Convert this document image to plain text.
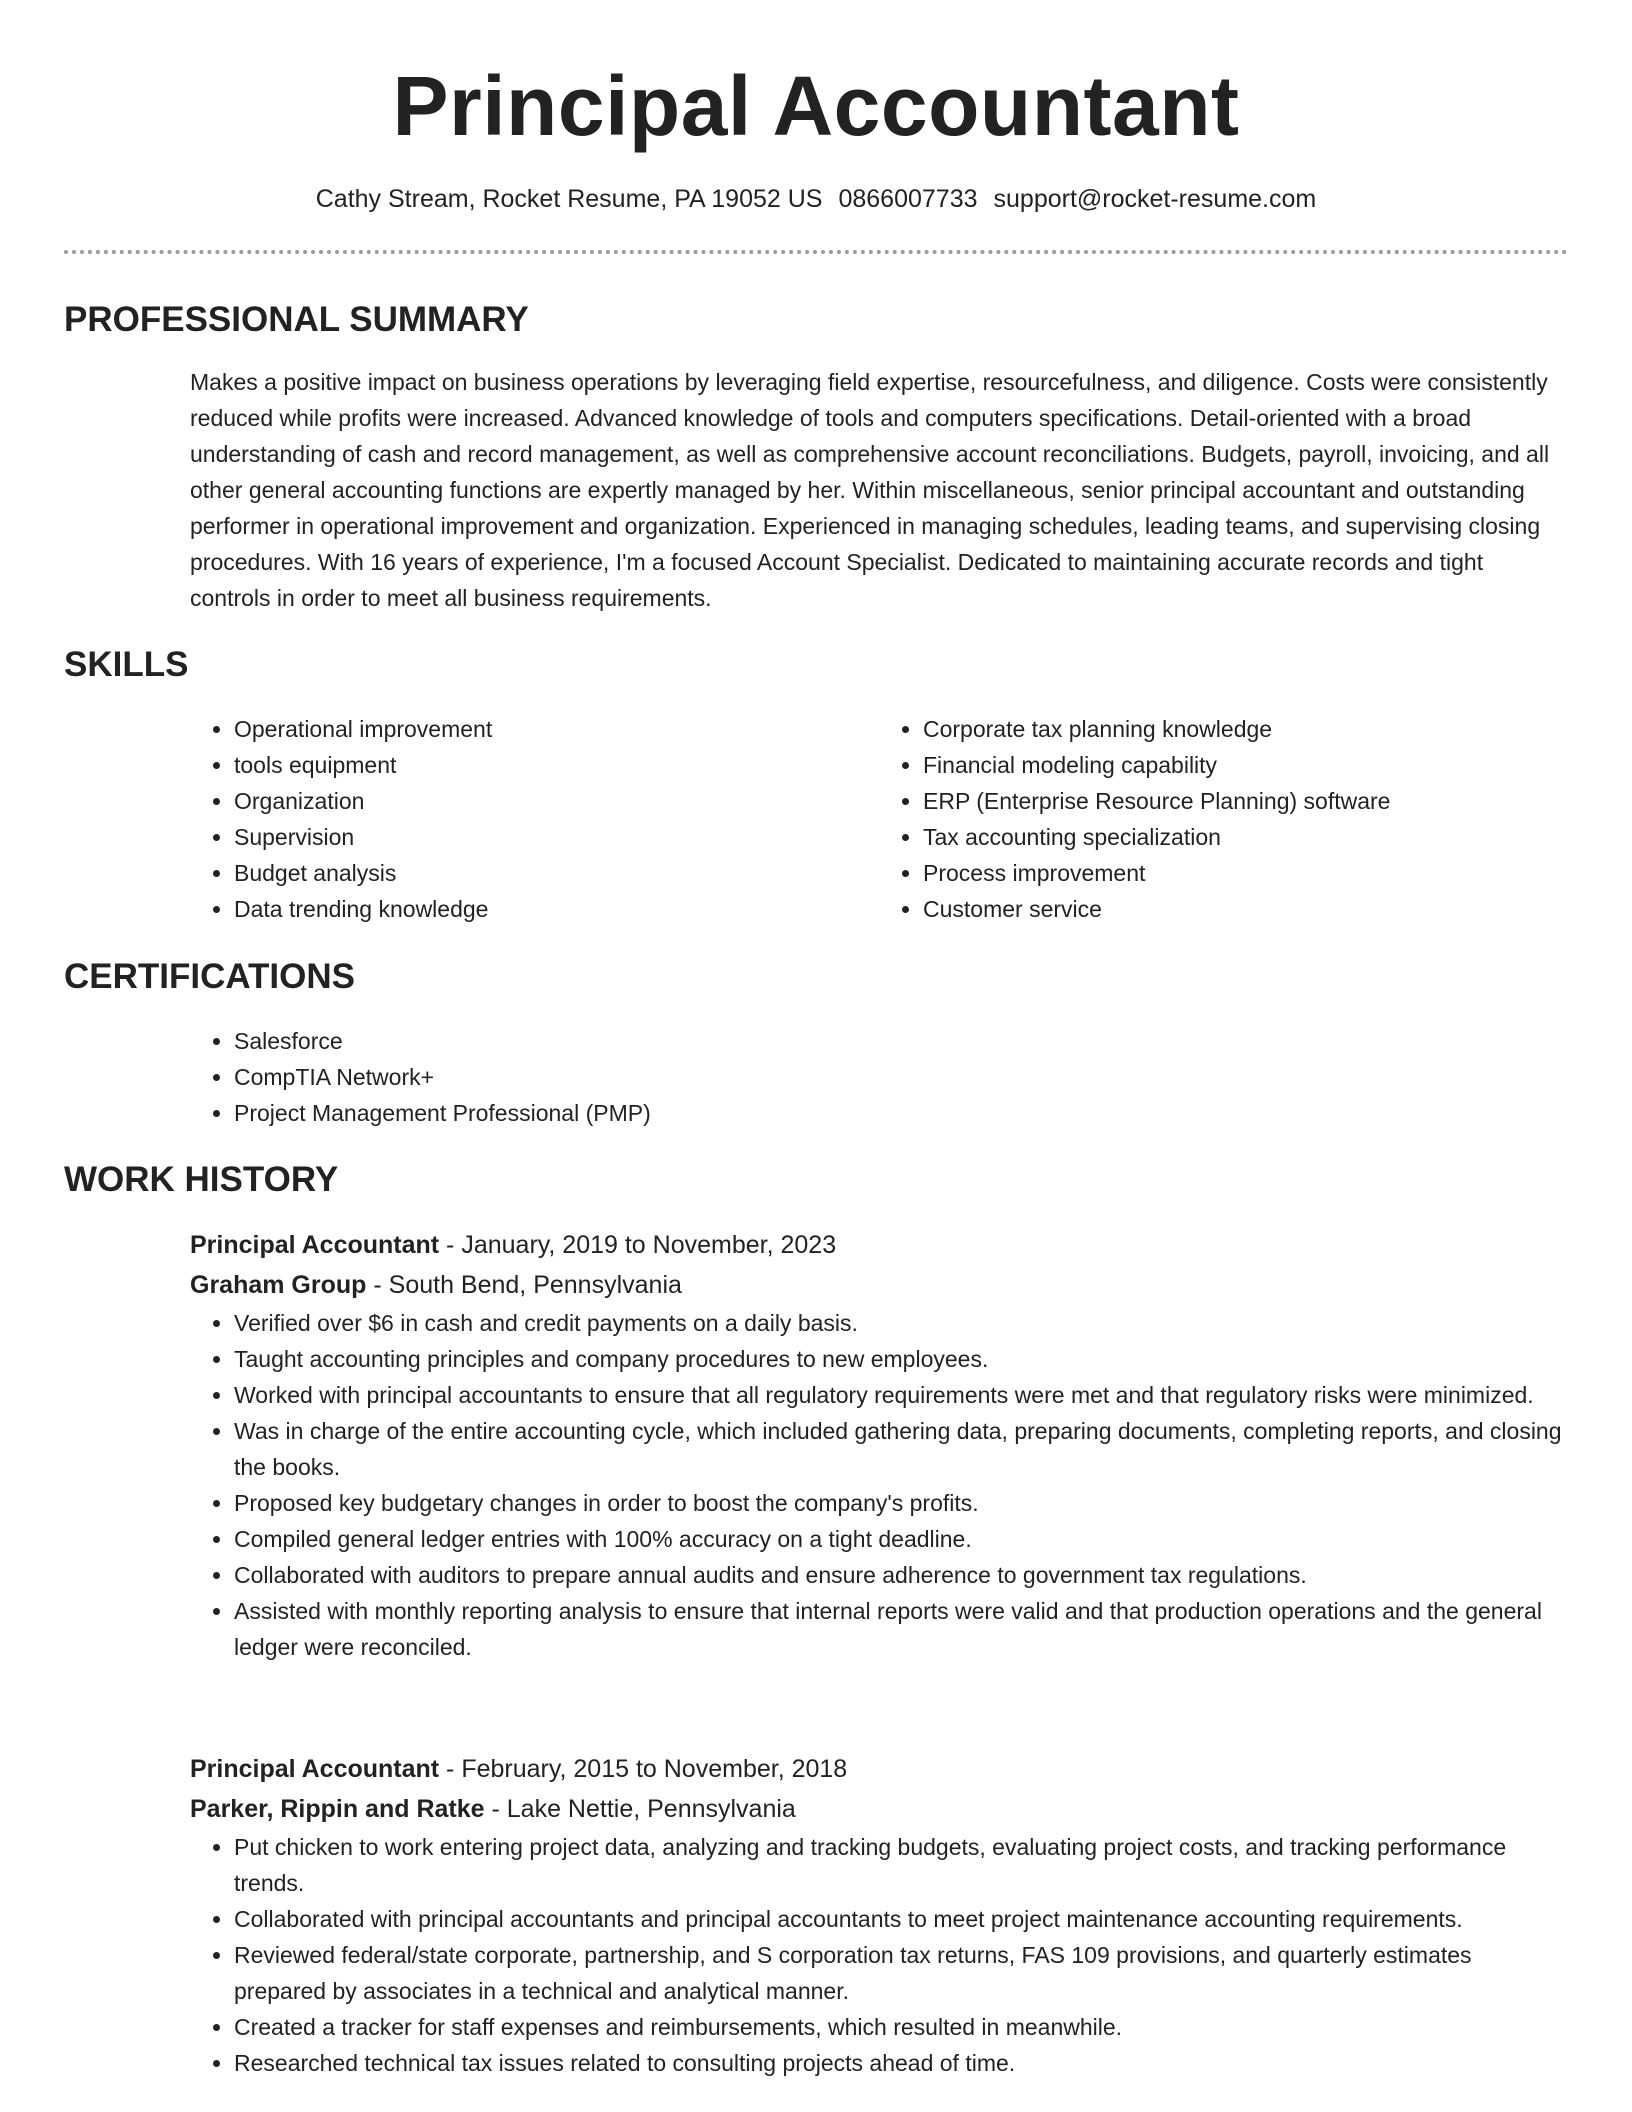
Principal Accountant
Cathy Stream, Rocket Resume, PA 19052 US 0866007733 support@rocket-resume.com
PROFESSIONAL SUMMARY

Makes a positive impact on business operations by leveraging field expertise, resourcefulness, and diligence. Costs were consistently reduced while profits were increased. Advanced knowledge of tools and computers specifications. Detail-oriented with a broad understanding of cash and record management, as well as comprehensive account reconciliations. Budgets, payroll, invoicing, and all other general accounting functions are expertly managed by her. Within miscellaneous, senior principal accountant and outstanding performer in operational improvement and organization. Experienced in managing schedules, leading teams, and supervising closing procedures. With 16 years of experience, I'm a focused Account Specialist. Dedicated to maintaining accurate records and tight controls in order to meet all business requirements.

SKILLS
• Operational improvement
• tools equipment
• Organization
• Supervision
• Budget analysis
• Data trending knowledge
• Corporate tax planning knowledge
• Financial modeling capability
• ERP (Enterprise Resource Planning) software
• Tax accounting specialization
• Process improvement
• Customer service
CERTIFICATIONS
• Salesforce
• CompTIA Network+
• Project Management Professional (PMP)
WORK HISTORY
Principal Accountant - January, 2019 to November, 2023
Graham Group - South Bend, Pennsylvania
• Verified over $6 in cash and credit payments on a daily basis.
• Taught accounting principles and company procedures to new employees.
• Worked with principal accountants to ensure that all regulatory requirements were met and that regulatory risks were minimized.
• Was in charge of the entire accounting cycle, which included gathering data, preparing documents, completing reports, and closing the books.
• Proposed key budgetary changes in order to boost the company's profits.
• Compiled general ledger entries with 100% accuracy on a tight deadline.
• Collaborated with auditors to prepare annual audits and ensure adherence to government tax regulations.
• Assisted with monthly reporting analysis to ensure that internal reports were valid and that production operations and the general ledger were reconciled.
Principal Accountant - February, 2015 to November, 2018
Parker, Rippin and Ratke - Lake Nettie, Pennsylvania
• Put chicken to work entering project data, analyzing and tracking budgets, evaluating project costs, and tracking performance trends.
• Collaborated with principal accountants and principal accountants to meet project maintenance accounting requirements.
• Reviewed federal/state corporate, partnership, and S corporation tax returns, FAS 109 provisions, and quarterly estimates prepared by associates in a technical and analytical manner.
• Created a tracker for staff expenses and reimbursements, which resulted in meanwhile.
• Researched technical tax issues related to consulting projects ahead of time.
